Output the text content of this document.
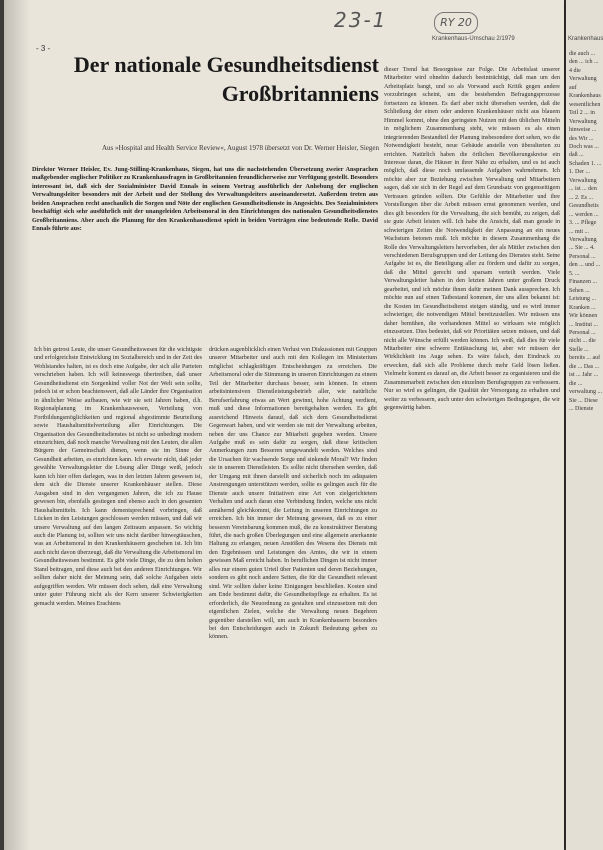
23-1	RY 20
Krankenhaus-Umschau 2/1979
- 3 -
Der nationale Gesundheitsdienst Großbritanniens
Aus »Hospital and Health Service Review«, August 1978 übersetzt von Dr. Werner Heisler, Siegen
Direktor Werner Heisler, Ev. Jung-Stilling-Krankenhaus, Siegen, hat uns die nachstehenden Übersetzung zweier Ansprachen maßgebender englischer Politiker zu Krankenhausfragen in Großbritannien freundlicherweise zur Verfügung gestellt. Besonders interessant ist, daß sich der Sozialminister David Ennals in seinem Vortrag ausführlich der Anhebung der englischen Verwaltungsleiter besonders mit der Arbeit und der Stellung des Verwaltungsleiters auseinandersetzt. Außerdem treten aus beiden Ansprachen recht anschaulich die Sorgen und Nöte der englischen Gesundheitsdienste in Angesichts. Des Sozialministers beschäftigt sich sehr ausführlich mit der unangeleiden Arbeitsmoral in den Einrichtungen des nationalen Gesundheitsdienstes Großbritanniens. Aber auch die Planung für den Krankenhausdienst spielt in beiden Vorträgen eine bedeutende Rolle. David Ennals führte aus:

Ich bin getrost Leute, die unser Gesundheitswesen für die wichtigste und erfolgreichste Entwicklung im Sozialbereich und in der Zeit des Wohlstandes halten, ist es doch eine Aufgabe, der sich alle Parteien verschrieben haben. Ich will keineswegs übertreiben, daß unser Gesundheitsdienst ein Sorgenkind voller Not der Welt sein sollte, jedoch ist er schon beachtenswert, daß alle Länder ihre Organisation in ähnlicher Weise aufbauen, wie wir sie seit Jahren haben, d.h. Regionalplanung im Krankenhauswesen, Verteilung von Fortbildungsmöglichkeiten und regional abgestimmte Beurteilung sowie Haushaltsmittelverteilung aller Einrichtungen. Die Organisation des Gesundheitsdienstes ist nicht so unbedingt modern einzurichten, daß noch manche Verwaltung mit den Leuten, die allen Bürgern der Gemeinschaft dienen, wenn sie im Sinne der Gesundheit arbeiten, es einrichten kann. Ich erwarte nicht, daß jeder gewählte Verwaltungsleiter die Lösung aller Dinge weiß, jedoch kann ich hier offen darlegen, was in den letzten Jahren gewesen ist, dem sich die Dienste unserer Krankenhäuser stellen. Diese Ausgaben sind in den vergangenen Jahren, die ich zu Hause gewesen bin, ebenfalls gestiegen und ebenso auch in den gesamten Haushaltsmitteln. Ich kann dementsprechend vorbringen, daß Lücken in den Leistungen geschlossen werden müssen, und daß wir unsere Verwaltung auf den langen Zeitraum anpassen. So wichtig auch die Planung ist, sollten wir uns nicht darüber hinwegtäuschen, was an Arbeitsmoral in den Krankenhäusern geschehen ist. Ich bin auch nicht davon überzeugt, daß die Verwaltung die Arbeitsmoral im Gesundheitswesen bestimmt. Es gibt viele Dinge, die zu dem hohen Stand beitragen, und diese auch bei den anderen Einrichtungen. Wir sollten daher nicht der Meinung sein, daß solche Aufgaben stets aufgegriffen werden. Wir müssen doch sehen, daß eine Verwaltung unter guter Führung nicht als der Kern unserer Schwierigkeiten gemacht werden. Meines Erachtens

drücken augenblicklich einen Verlust von Diskussionen mit Gruppen unserer Mitarbeiter und auch mit den Kollegen im Ministerium möglichst schlagkräftigen Entscheidungen zu erreichen. Die Arbeitsmoral oder die Stimmung in unseren Einrichtungen zu einem Teil der Mitarbeiter durchaus besser, sein können. In einem arbeitsintensiven Dienstleistungsbetrieb aller, wie natürliche Berufserfahrung etwas an Wert gewinnt, hohe Achtung verdient, muß und diese Informationen bereitgehalten werden. Es gibt ausreichend Hinweis darauf, daß sich dem Gesundheitsdienst Gegenwart haben, und wir werden sie mit der Verwaltung arbeiten, neben der uns Chance zur Mitarbeit gegeben werden. Unsere Aufgabe muß es sein dafür zu sorgen, daß diese kritischen Anmerkungen zum Besseren umgewandelt werden. Welches sind die Ursachen für wachsende Sorge und sinkende Moral? Wir finden sie in unserem Dienstleisten. Es sollte nicht übersehen werden, daß der Umgang mit ihnen darstellt und sicherlich noch im adäquaten Anstrengungen unterstützen werden, sollte es gelingen auch für die Dienste auch unsere Initiativen eine Art von zielgerichtetem Verhalten und auch daran eine Verbindung finden, welche uns nicht annähernd gleichkommt, die Leitung in unseren Einrichtungen zu erreichen. Ich bin immer der Meinung gewesen, daß es zu einer besseren Vereinbarung kommen muß, die zu konstruktiver Beratung führt, die nach großen Überlegungen und eine allgemein anerkannte Haltung zu erlangen, neuen Anstößen des Wesens des Diensts mit den Ergebnissen und Leistungen des Amtes, die wir in einem gewissen Maß erreicht haben. In beruflichen Dingen ist nicht immer alles nur einem guten Urteil über Patienten und deren Beziehungen, sondern es gibt noch andere Seiten, die für die Gesundheit relevant sind. Wir sollten daher keine Einigungen beschließen. Kosten sind am Ende bestimmt dafür, die Gesundheitspflege zu erhalten. Es ist erforderlich, die Neuordnung zu gestalten und einzusetzen mit den eigentlichen Zielen, welche die Verwaltung neuen Begehren gegenüber darstellen will, um auch in Krankenhausern besonders bei den Entscheidungen auch in Zukunft Bedeutung geben zu können.

dieser Trend hat Besorgnisse zur Folge. Die Arbeitslast unserer Mitarbeiter wird ohnehin dadurch beeinträchtigt, daß man um den Arbeitsplatz bangt, und so als Vorwand auch Kritik gegen andere vorzubringen scheint, um die bestehenden Befragungsprozesse fortsetzen zu können. Es darf aber nicht übersehen werden, daß die Schließung der einen oder anderen Krankenhäuser nicht aus blauem Himmel kommt, ohne den geringsten Nutzen mit den üblichen Mitteln in möglichem Zusammenhang steht, wie müssen es als einen integrierenden Bestandteil der Planung insbesondere dort sehen, wo die Notwendigkeit besteht, neue Gebäude anstelle von überalterten zu errichten. Natürlich haben die örtlichen Bevölkerungskreise ein Interesse daran, die Häuser in ihrer Nähe zu erhalten, und es ist auch möglich, daß diese noch umfassende Aufgaben wahrnehmen. Ich möchte aber zur Beziehung zwischen Verwaltung und Mitarbeitern sagen, daß sie sich in der Regel auf dem Grundsatz von gegenseitigem Vertrauen gründen sollten. Die Gefühle der Mitarbeiter und ihre Vorstellungen über die Arbeit müssen ernst genommen werden, und dies gilt besonders für die Verwaltung, die sich bemüht, zu zeigen, daß sie gute Arbeit leisten will. Ich habe die Ansicht, daß man gerade in schwierigen Zeiten die Notwendigkeit der Anpassung an ein neues Wachstum betonen muß. Ich möchte in diesem Zusammenhang die Rolle des Verwaltungsleiters hervorheben, der als Mittler zwischen den verschiedenen Berufsgruppen und der Leitung des Dienstes steht. Seine Aufgabe ist es, die Beteiligung aller zu fördern und dafür zu sorgen, daß die Mittel gerecht und sparsam verteilt werden. Viele Verwaltungsleiter haben in den letzten Jahren unter großem Druck gearbeitet, und ich möchte ihnen dafür meinen Dank aussprechen. Ich möchte nun auf einen Tatbestand kommen, der uns allen bekannt ist: die Kosten im Gesundheitsdienst steigen ständig, und es wird immer schwieriger, die notwendigen Mittel bereitzustellen. Wir müssen uns daher bemühen, die vorhandenen Mittel so wirksam wie möglich einzusetzen. Dies bedeutet, daß wir Prioritäten setzen müssen, und daß nicht alle Wünsche erfüllt werden können. Ich weiß, daß dies für viele Mitarbeiter eine schwere Enttäuschung ist, aber wir müssen der Wirklichkeit ins Auge sehen. Es wäre falsch, den Eindruck zu erwecken, daß sich alle Probleme durch mehr Geld lösen ließen. Vielmehr kommt es darauf an, die Arbeit besser zu organisieren und die Zusammenarbeit zwischen den einzelnen Berufsgruppen zu verbessern. Nur so wird es gelingen, die Qualität der Versorgung zu erhalten und weiter zu verbessern, auch unter den schwierigen Bedingungen, die wir gegenwärtig haben.

Krankenhaus
die auch ... den ... ich ... 4 die Verwaltung auf Krankenhaus wesentlichen Teil 2 ... in Verwaltung hinweise ... des Wir ... Doch was ... daß ... Schaden 1. ... 1. Der ... Verwaltung ... ist ... den ... 2. Es ... Gesundheits ... werden ... 3. ... Pflege ... mit ... Verwaltung ... Sie ... 4. Personal ... den ... und ... 5. ... Finanzen ... Sehen ... Leistung ... Kranken ... Wir können ... Institut ... Personal ... nicht ... die Stelle ... bereits ... auf die ... Das ... ist ... Jahr ... die ... verwaltung ... Sie ... Diese ... Dienste
